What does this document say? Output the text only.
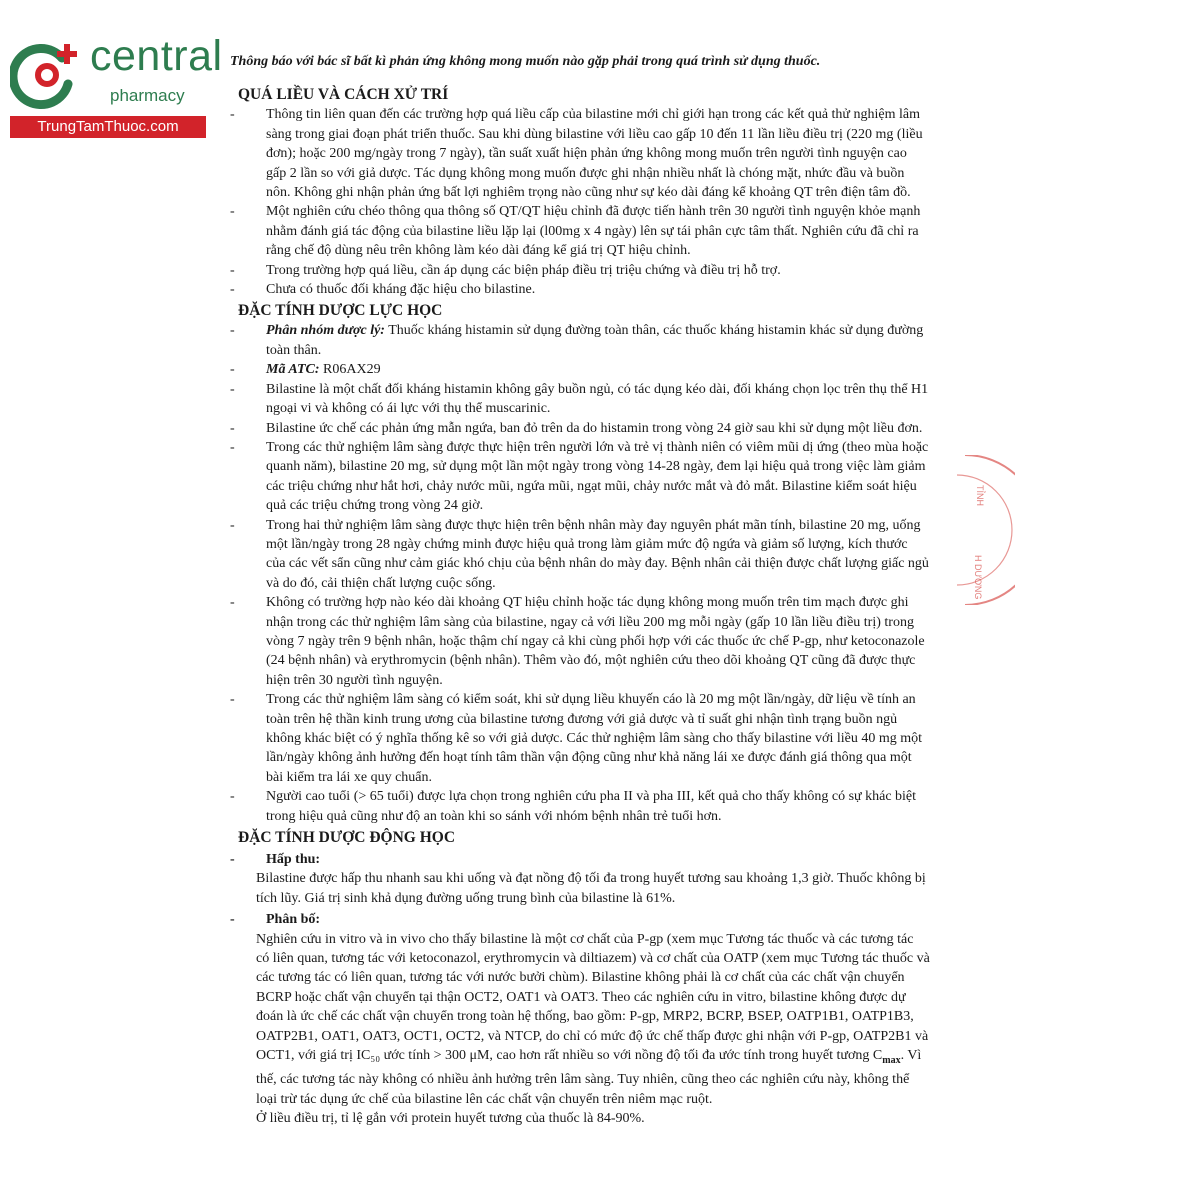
central
pharmacy
TrungTamThuoc.com

Thông báo với bác sĩ bất kì phản ứng không mong muốn nào gặp phải trong quá trình sử dụng thuốc.

QUÁ LIỀU VÀ CÁCH XỬ TRÍ

- Thông tin liên quan đến các trường hợp quá liều cấp của bilastine mới chỉ giới hạn trong các kết quả thử nghiệm lâm sàng trong giai đoạn phát triển thuốc. Sau khi dùng bilastine với liều cao gấp 10 đến 11 lần liều điều trị (220 mg (liều đơn); hoặc 200 mg/ngày trong 7 ngày), tần suất xuất hiện phản ứng không mong muốn trên người tình nguyện cao gấp 2 lần so với giả dược. Tác dụng không mong muốn được ghi nhận nhiều nhất là chóng mặt, nhức đầu và buồn nôn. Không ghi nhận phản ứng bất lợi nghiêm trọng nào cũng như sự kéo dài đáng kể khoảng QT trên điện tâm đồ.

- Một nghiên cứu chéo thông qua thông số QT/QT hiệu chỉnh đã được tiến hành trên 30 người tình nguyện khỏe mạnh nhằm đánh giá tác động của bilastine liều lặp lại (l00mg x 4 ngày) lên sự tái phân cực tâm thất. Nghiên cứu đã chỉ ra rằng chế độ dùng nêu trên không làm kéo dài đáng kể giá trị QT hiệu chỉnh.

- Trong trường hợp quá liều, cần áp dụng các biện pháp điều trị triệu chứng và điều trị hỗ trợ.

- Chưa có thuốc đối kháng đặc hiệu cho bilastine.

ĐẶC TÍNH DƯỢC LỰC HỌC

- Phân nhóm dược lý: Thuốc kháng histamin sử dụng đường toàn thân, các thuốc kháng histamin khác sử dụng đường toàn thân.

- Mã ATC: R06AX29

- Bilastine là một chất đối kháng histamin không gây buồn ngủ, có tác dụng kéo dài, đối kháng chọn lọc trên thụ thể H1 ngoại vi và không có ái lực với thụ thể muscarinic.

- Bilastine ức chế các phản ứng mẫn ngứa, ban đỏ trên da do histamin trong vòng 24 giờ sau khi sử dụng một liều đơn.

- Trong các thử nghiệm lâm sàng được thực hiện trên người lớn và trẻ vị thành niên có viêm mũi dị ứng (theo mùa hoặc quanh năm), bilastine 20 mg, sử dụng một lần một ngày trong vòng 14-28 ngày, đem lại hiệu quả trong việc làm giảm các triệu chứng như hắt hơi, chảy nước mũi, ngứa mũi, ngạt mũi, chảy nước mắt và đỏ mắt. Bilastine kiểm soát hiệu quả các triệu chứng trong vòng 24 giờ.

- Trong hai thử nghiệm lâm sàng được thực hiện trên bệnh nhân mày đay nguyên phát mãn tính, bilastine 20 mg, uống một lần/ngày trong 28 ngày chứng minh được hiệu quả trong làm giảm mức độ ngứa và giảm số lượng, kích thước của các vết sẩn cũng như cảm giác khó chịu của bệnh nhân do mày đay. Bệnh nhân cải thiện được chất lượng giấc ngủ và do đó, cải thiện chất lượng cuộc sống.

- Không có trường hợp nào kéo dài khoảng QT hiệu chỉnh hoặc tác dụng không mong muốn trên tim mạch được ghi nhận trong các thử nghiệm lâm sàng của bilastine, ngay cả với liều 200 mg mỗi ngày (gấp 10 lần liều điều trị) trong vòng 7 ngày trên 9 bệnh nhân, hoặc thậm chí ngay cả khi cùng phối hợp với các thuốc ức chế P-gp, như ketoconazole (24 bệnh nhân) và erythromycin (bệnh nhân). Thêm vào đó, một nghiên cứu theo dõi khoảng QT cũng đã được thực hiện trên 30 người tình nguyện.

- Trong các thử nghiệm lâm sàng có kiểm soát, khi sử dụng liều khuyến cáo là 20 mg một lần/ngày, dữ liệu về tính an toàn trên hệ thần kinh trung ương của bilastine tương đương với giả dược và tỉ suất ghi nhận tình trạng buồn ngủ không khác biệt có ý nghĩa thống kê so với giả dược. Các thử nghiệm lâm sàng cho thấy bilastine với liều 40 mg một lần/ngày không ảnh hưởng đến hoạt tính tâm thần vận động cũng như khả năng lái xe được đánh giá thông qua một bài kiểm tra lái xe quy chuẩn.

- Người cao tuổi (> 65 tuổi) được lựa chọn trong nghiên cứu pha II và pha III, kết quả cho thấy không có sự khác biệt trong hiệu quả cũng như độ an toàn khi so sánh với nhóm bệnh nhân trẻ tuổi hơn.

ĐẶC TÍNH DƯỢC ĐỘNG HỌC
- Hấp thu:

Bilastine được hấp thu nhanh sau khi uống và đạt nồng độ tối đa trong huyết tương sau khoảng 1,3 giờ. Thuốc không bị tích lũy. Giá trị sinh khả dụng đường uống trung bình của bilastine là 61%.

- Phân bố:

Nghiên cứu in vitro và in vivo cho thấy bilastine là một cơ chất của P-gp (xem mục Tương tác thuốc và các tương tác có liên quan, tương tác với ketoconazol, erythromycin và diltiazem) và cơ chất của OATP (xem mục Tương tác thuốc và các tương tác có liên quan, tương tác với nước bưởi chùm). Bilastine không phải là cơ chất của các chất vận chuyển BCRP hoặc chất vận chuyển tại thận OCT2, OAT1 và OAT3. Theo các nghiên cứu in vitro, bilastine không được dự đoán là ức chế các chất vận chuyển trong toàn hệ thống, bao gồm: P-gp, MRP2, BCRP, BSEP, OATP1B1, OATP1B3, OATP2B1, OAT1, OAT3, OCT1, OCT2, và NTCP, do chỉ có mức độ ức chế thấp được ghi nhận với P-gp, OATP2B1 và OCT1, với giá trị IC₅₀ ước tính > 300 μM, cao hơn rất nhiều so với nồng độ tối đa ước tính trong huyết tương $C_{max}$. Vì thế, các tương tác này không có nhiều ảnh hưởng trên lâm sàng. Tuy nhiên, cũng theo các nghiên cứu này, không thể loại trừ tác dụng ức chế của bilastine lên các chất vận chuyển trên niêm mạc ruột.

Ở liều điều trị, tỉ lệ gắn với protein huyết tương của thuốc là 84-90%.

TỈNH
H DƯƠNG
